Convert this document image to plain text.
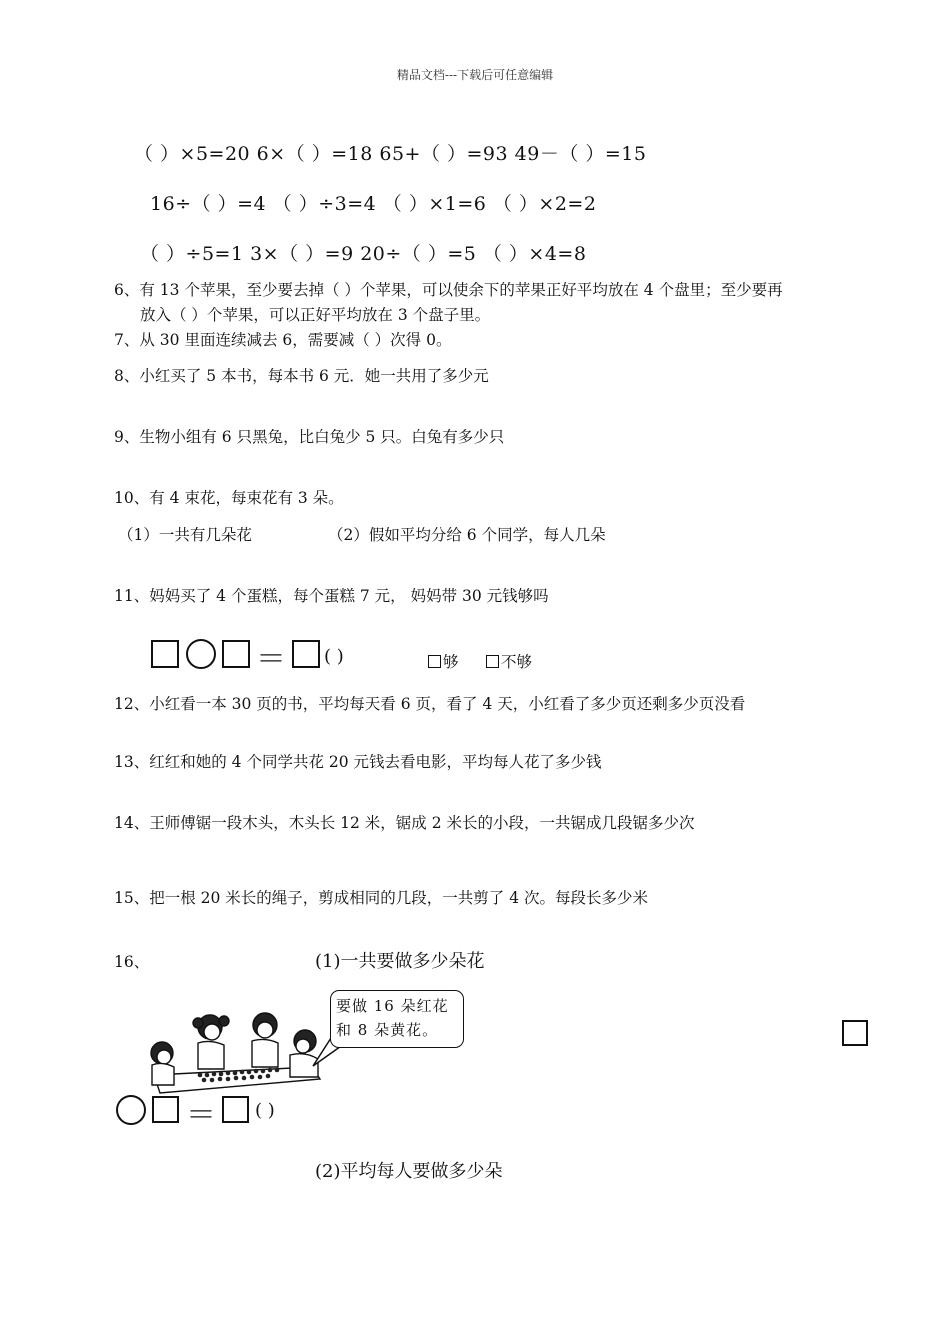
精品文档---下载后可任意编辑
（ ）×5=20 6×（ ）=18 65+（ ）=93 49－（ ）=15
16÷（ ）=4 （ ）÷3=4 （ ）×1=6 （ ）×2=2
（ ）÷5=1 3×（ ）=9 20÷（ ）=5 （ ）×4=8
6、有 13 个苹果，至少要去掉（ ）个苹果，可以使余下的苹果正好平均放在 4 个盘里；至少要再
放入（ ）个苹果，可以正好平均放在 3 个盘子里。
7、从 30 里面连续减去 6，需要减（ ）次得 0。
8、小红买了 5 本书，每本书 6 元．她一共用了多少元
9、生物小组有 6 只黑兔，比白兔少 5 只。白兔有多少只
10、有 4 束花，每束花有 3 朵。
（1）一共有几朵花	（2）假如平均分给 6 个同学，每人几朵
11、妈妈买了 4 个蛋糕，每个蛋糕 7 元， 妈妈带 30 元钱够吗
＝ ( )	够	不够
12、小红看一本 30 页的书，平均每天看 6 页，看了 4 天，小红看了多少页还剩多少页没看
13、红红和她的 4 个同学共花 20 元钱去看电影，平均每人花了多少钱
14、王师傅锯一段木头，木头长 12 米，锯成 2 米长的小段，一共锯成几段锯多少次
15、把一根 20 米长的绳子，剪成相同的几段，一共剪了 4 次。每段长多少米
16、	(1)一共要做多少朵花
要做 16 朵红花
和 8 朵黄花。
＝ ( )
(2)平均每人要做多少朵
